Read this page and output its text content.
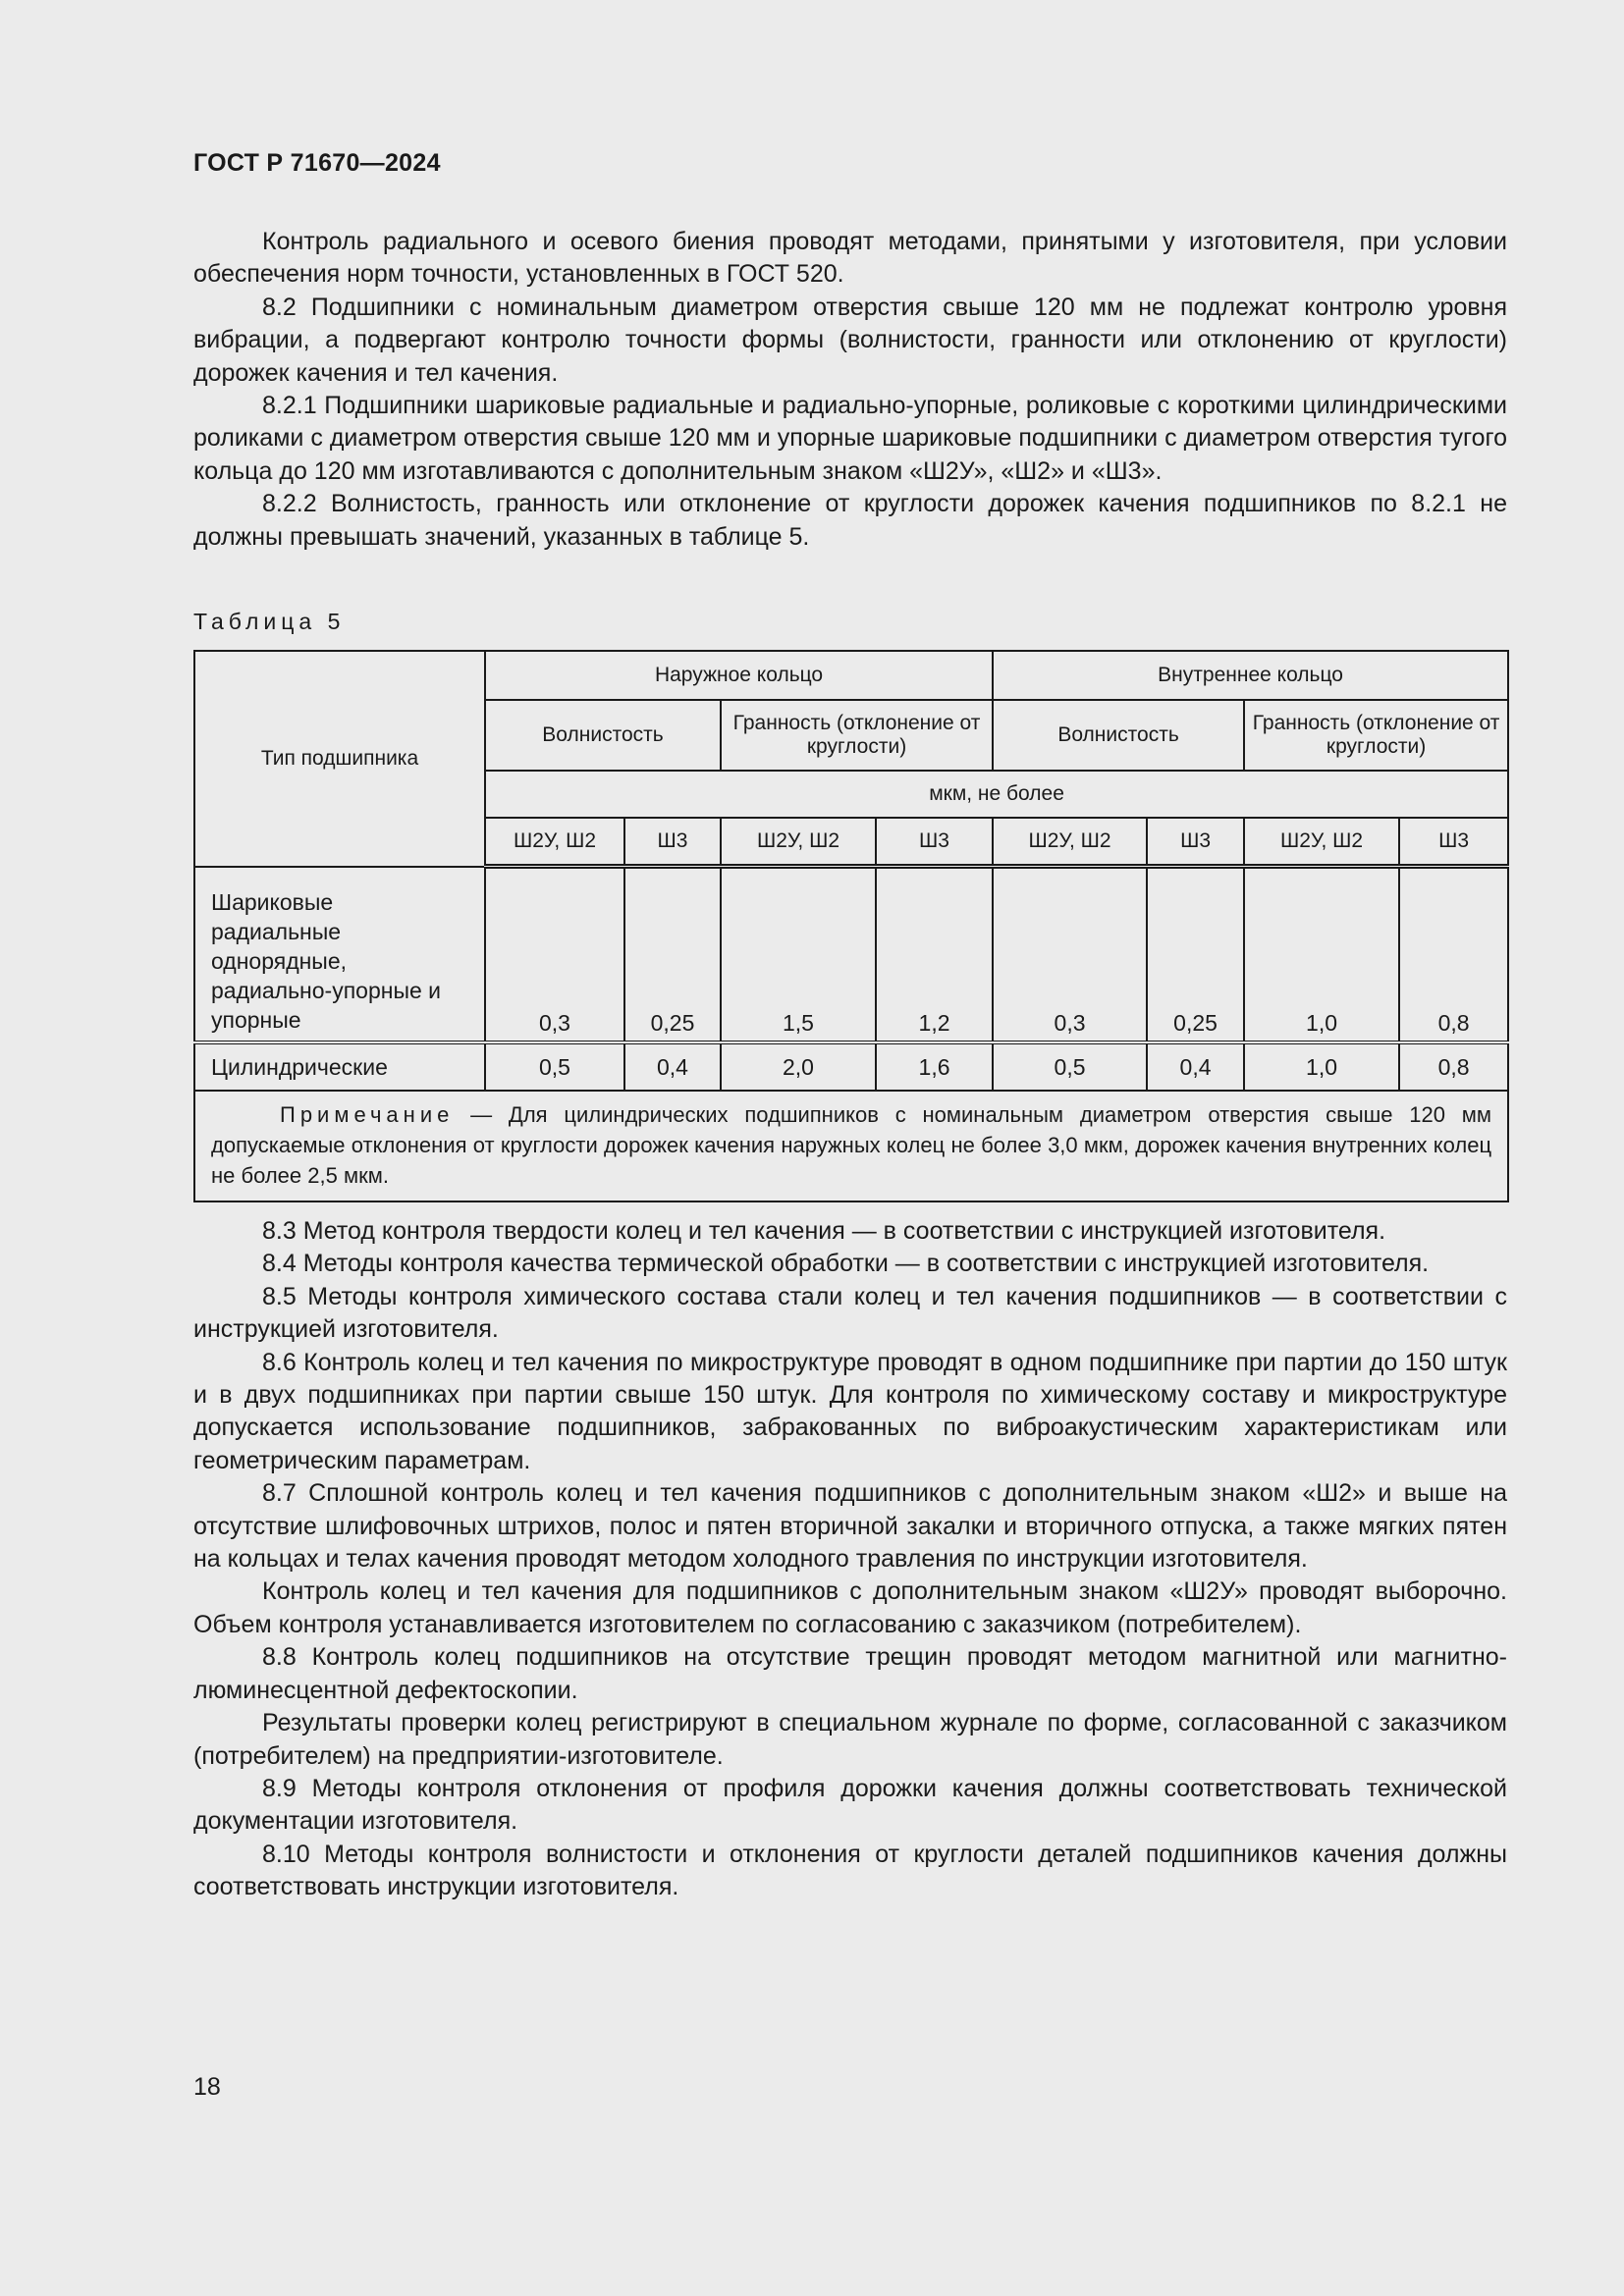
ГОСТ Р 71670—2024

Контроль радиального и осевого биения проводят методами, принятыми у изготовителя, при условии обеспечения норм точности, установленных в ГОСТ 520.

8.2 Подшипники с номинальным диаметром отверстия свыше 120 мм не подлежат контролю уровня вибрации, а подвергают контролю точности формы (волнистости, гранности или отклонению от круглости) дорожек качения и тел качения.

8.2.1 Подшипники шариковые радиальные и радиально-упорные, роликовые с короткими цилиндрическими роликами с диаметром отверстия свыше 120 мм и упорные шариковые подшипники с диаметром отверстия тугого кольца до 120 мм изготавливаются с дополнительным знаком «Ш2У», «Ш2» и «Ш3».

8.2.2 Волнистость, гранность или отклонение от круглости дорожек качения подшипников по 8.2.1 не должны превышать значений, указанных в таблице 5.

Таблица 5
Тип подшипника	Наружное кольцо				Внутреннее кольцо			
	Волнистость		Гранность (отклонение от круглости)		Волнистость		Гранность (отклонение от круглости)	
	мкм, не более							
	Ш2У, Ш2	Ш3	Ш2У, Ш2	Ш3	Ш2У, Ш2	Ш3	Ш2У, Ш2	Ш3
Шариковые радиальные однорядные, радиально-упорные и упорные	0,3	0,25	1,5	1,2	0,3	0,25	1,0	0,8
Цилиндрические	0,5	0,4	2,0	1,6	0,5	0,4	1,0	0,8
Примечание — Для цилиндрических подшипников с номинальным диаметром отверстия свыше 120 мм допускаемые отклонения от круглости дорожек качения наружных колец не более 3,0 мкм, дорожек качения внутренних колец не более 2,5 мкм.								

8.3 Метод контроля твердости колец и тел качения — в соответствии с инструкцией изготовителя.

8.4 Методы контроля качества термической обработки — в соответствии с инструкцией изготовителя.

8.5 Методы контроля химического состава стали колец и тел качения подшипников — в соответствии с инструкцией изготовителя.

8.6 Контроль колец и тел качения по микроструктуре проводят в одном подшипнике при партии до 150 штук и в двух подшипниках при партии свыше 150 штук. Для контроля по химическому составу и микроструктуре допускается использование подшипников, забракованных по виброакустическим характеристикам или геометрическим параметрам.

8.7 Сплошной контроль колец и тел качения подшипников с дополнительным знаком «Ш2» и выше на отсутствие шлифовочных штрихов, полос и пятен вторичной закалки и вторичного отпуска, а также мягких пятен на кольцах и телах качения проводят методом холодного травления по инструкции изготовителя.

Контроль колец и тел качения для подшипников с дополнительным знаком «Ш2У» проводят выборочно. Объем контроля устанавливается изготовителем по согласованию с заказчиком (потребителем).

8.8 Контроль колец подшипников на отсутствие трещин проводят методом магнитной или магнитно-люминесцентной дефектоскопии.

Результаты проверки колец регистрируют в специальном журнале по форме, согласованной с заказчиком (потребителем) на предприятии-изготовителе.

8.9 Методы контроля отклонения от профиля дорожки качения должны соответствовать технической документации изготовителя.

8.10 Методы контроля волнистости и отклонения от круглости деталей подшипников качения должны соответствовать инструкции изготовителя.

18
